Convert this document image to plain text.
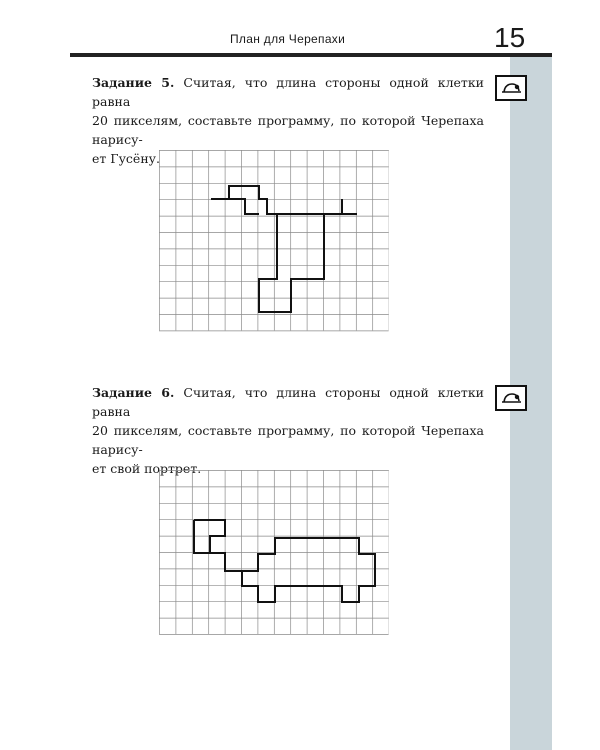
План для Черепахи	15
Задание 5. Считая, что длина стороны одной клетки равна
20 пикселям, составьте программу, по которой Черепаха нарису-
ет Гусёну.
Задание 6. Считая, что длина стороны одной клетки равна
20 пикселям, составьте программу, по которой Черепаха нарису-
ет свой портрет.
